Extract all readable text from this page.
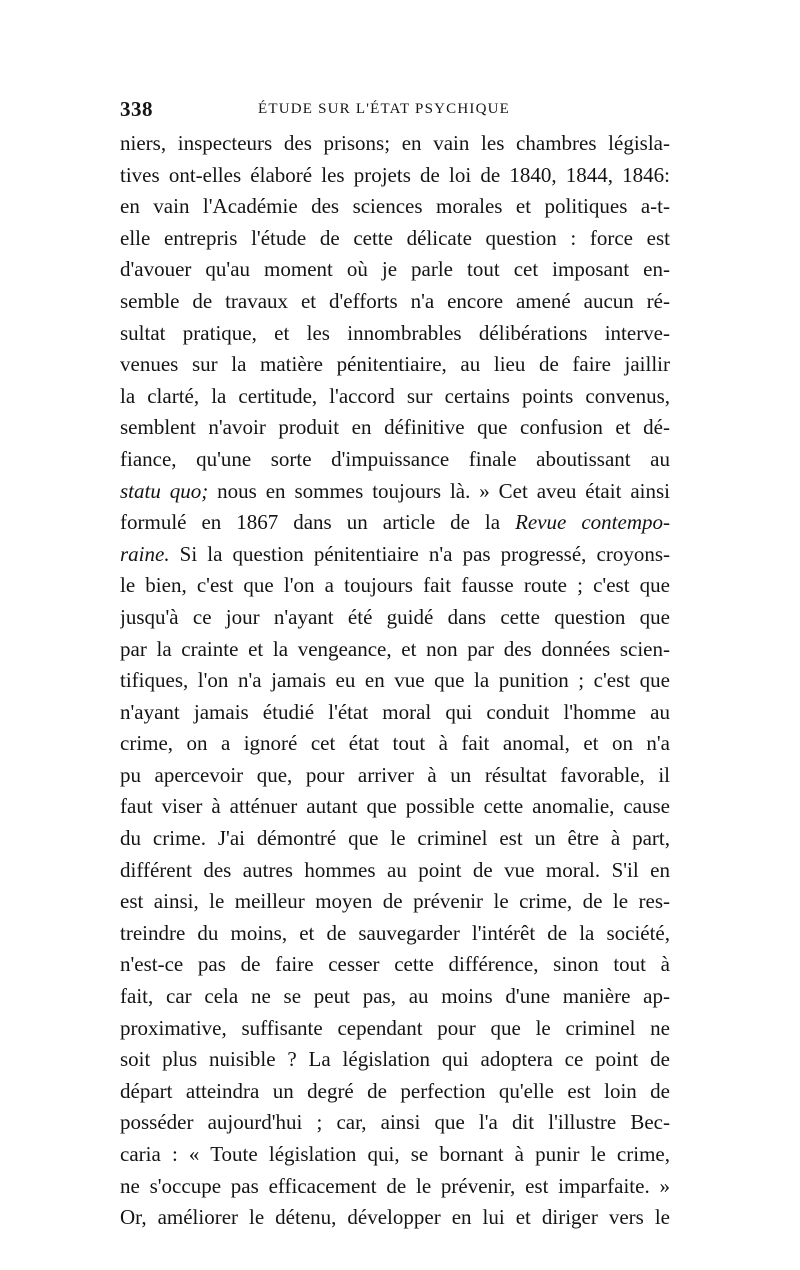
338	ÉTUDE SUR L'ÉTAT PSYCHIQUE
niers, inspecteurs des prisons; en vain les chambres législa-
tives ont-elles élaboré les projets de loi de 1840, 1844, 1846:
en vain l'Académie des sciences morales et politiques a-t-
elle entrepris l'étude de cette délicate question : force est
d'avouer qu'au moment où je parle tout cet imposant en-
semble de travaux et d'efforts n'a encore amené aucun ré-
sultat pratique, et les innombrables délibérations interve-
venues sur la matière pénitentiaire, au lieu de faire jaillir
la clarté, la certitude, l'accord sur certains points convenus,
semblent n'avoir produit en définitive que confusion et dé-
fiance, qu'une sorte d'impuissance finale aboutissant au
statu quo; nous en sommes toujours là. » Cet aveu était ainsi
formulé en 1867 dans un article de la Revue contempo-
raine. Si la question pénitentiaire n'a pas progressé, croyons-
le bien, c'est que l'on a toujours fait fausse route ; c'est que
jusqu'à ce jour n'ayant été guidé dans cette question que
par la crainte et la vengeance, et non par des données scien-
tifiques, l'on n'a jamais eu en vue que la punition ; c'est que
n'ayant jamais étudié l'état moral qui conduit l'homme au
crime, on a ignoré cet état tout à fait anomal, et on n'a
pu apercevoir que, pour arriver à un résultat favorable, il
faut viser à atténuer autant que possible cette anomalie, cause
du crime. J'ai démontré que le criminel est un être à part,
différent des autres hommes au point de vue moral. S'il en
est ainsi, le meilleur moyen de prévenir le crime, de le res-
treindre du moins, et de sauvegarder l'intérêt de la société,
n'est-ce pas de faire cesser cette différence, sinon tout à
fait, car cela ne se peut pas, au moins d'une manière ap-
proximative, suffisante cependant pour que le criminel ne
soit plus nuisible ? La législation qui adoptera ce point de
départ atteindra un degré de perfection qu'elle est loin de
posséder aujourd'hui ; car, ainsi que l'a dit l'illustre Bec-
caria : « Toute législation qui, se bornant à punir le crime,
ne s'occupe pas efficacement de le prévenir, est imparfaite. »
Or, améliorer le détenu, développer en lui et diriger vers le
